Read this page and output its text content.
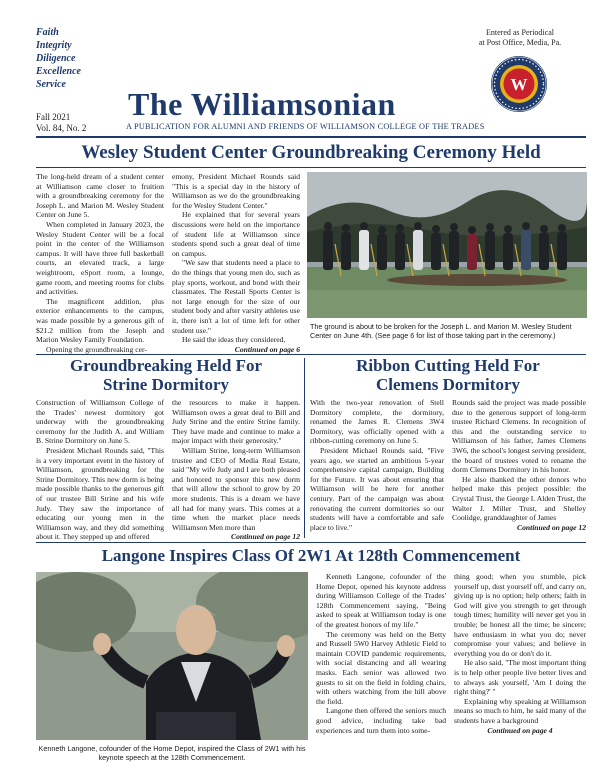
Faith
Integrity
Diligence
Excellence
Service
Entered as Periodical
at Post Office, Media, Pa.
W
Fall 2021
Vol. 84, No. 2
The Williamsonian
A PUBLICATION FOR ALUMNI AND FRIENDS OF WILLIAMSON COLLEGE OF THE TRADES
Wesley Student Center Groundbreaking Ceremony Held

The long-held dream of a student center at Williamson came closer to fruition with a groundbreaking ceremony for the Joseph L. and Marion M. Wesley Student Center on June 5.

When completed in January 2023, the Wesley Student Center will be a focal point in the center of the Williamson campus. It will have three full basketball courts, an elevated track, a large weightroom, eSport room, a lounge, game room, and meeting rooms for clubs and activities.

The magnificent addition, plus exterior enhancements to the campus, was made possible by a generous gift of $21.2 million from the Joseph and Marion Wesley Family Foundation.

Opening the groundbreaking cer-

emony, President Michael Rounds said "This is a special day in the history of Williamson as we do the groundbreaking for the Wesley Student Center."

He explained that for several years discussions were held on the importance of student life at Williamson since students spend such a great deal of time on campus.

"We saw that students need a place to do the things that young men do, such as play sports, workout, and bond with their classmates. The Restall Sports Center is not large enough for the size of our student body and after varsity athletes use it, there isn't a lot of time left for other student use."

He said the ideas they considered,

Continued on page 6
The ground is about to be broken for the Joseph L. and Marion M. Wesley Student Center on June 4th. (See page 6 for list of those taking part in the ceremony.)
Groundbreaking Held For
Strine Dormitory

Construction of Williamson College of the Trades' newest dormitory got underway with the groundbreaking ceremony for the Judith A. and William B. Strine Dormitory on June 5.

President Michael Rounds said, "This is a very important event in the history of Williamson, groundbreaking for the Strine Dormitory. This new dorm is being made possible thanks to the generous gift of our trustee Bill Strine and his wife Judy. They saw the importance of educating our young men in the Williamson way, and they did something about it. They stepped up and offered

the resources to make it happen. Williamson owes a great deal to Bill and Judy Strine and the entire Strine family. They have made and continue to make a major impact with their generosity."

William Strine, long-term Williamson trustee and CEO of Media Real Estate, said "My wife Judy and I are both pleased and honored to sponsor this new dorm that will allow the school to grow by 20 more students. This is a dream we have all had for many years. This comes at a time when the market place needs Williamson Men more than

Continued on page 12
Ribbon Cutting Held For
Clemens Dormitory

With the two-year renovation of Stell Dormitory complete, the dormitory, renamed the James R. Clemens 3W4 Dormitory, was officially opened with a ribbon-cutting ceremony on June 5.

President Michael Rounds said, "Five years ago, we started an ambitious 5-year comprehensive capital campaign, Building for the Future. It was about ensuring that Williamson will be here for another century. Part of the campaign was about renovating the current dormitories so our students will have a comfortable and safe place to live."

Rounds said the project was made possible due to the generous support of long-term trustee Richard Clemens. In recognition of this and the outstanding service to Williamson of his father, James Clemens 3W6, the school's longest serving president, the board of trustees voted to rename the dorm Clemens Dormitory in his honor.

He also thanked the other donors who helped make this project possible: the Crystal Trust, the George I. Alden Trust, the Walter J. Miller Trust, and Shelley Coolidge, granddaughter of James

Continued on page 12
Langone Inspires Class Of 2W1 At 128th Commencement
Kenneth Langone, cofounder of the Home Depot, inspired the Class of 2W1 with his keynote speech at the 128th Commencement.

Kenneth Langone, cofounder of the Home Depot, opened his keynote address during Williamson College of the Trades' 128th Commencement saying, "Being asked to speak at Williamson today is one of the greatest honors of my life."

The ceremony was held on the Betty and Russell 5W0 Harvey Athletic Field to maintain COVID pandemic requirements, with social distancing and all wearing masks. Each senior was allowed two guests to sit on the field in folding chairs, with others watching from the hill above the field.

Langone then offered the seniors much good advice, including take bad experiences and turn them into some-

thing good; when you stumble, pick yourself up, dust yourself off, and carry on, giving up is no option; help others; faith in God will give you strength to get through tough times; humility will never get you in trouble; be honest all the time; be sincere; have enthusiasm in what you do; never compromise your values; and believe in everything you do or don't do it.

He also said, "The most important thing is to help other people live better lives and to always ask yourself, 'Am I doing the right thing?' "

Explaining why speaking at Williamson means so much to him, he said many of the students have a background

Continued on page 4
